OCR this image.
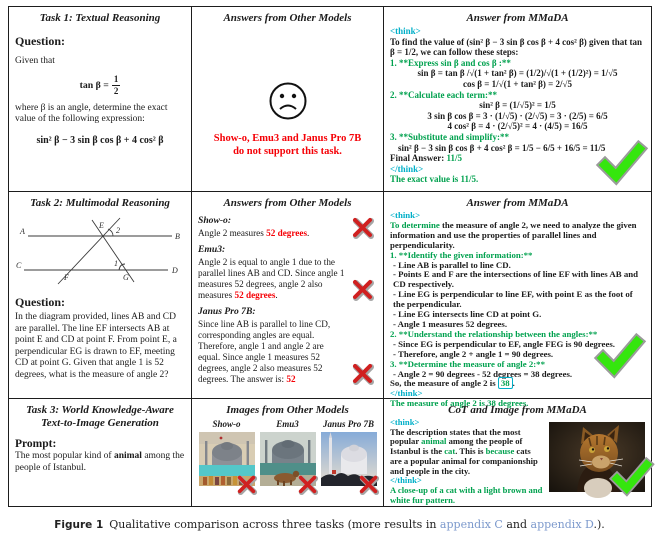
Task 1: Textual Reasoning
Question:
Given that
$\tan \beta = \frac{1}{2}$
where β is an angle, determine the exact value of the following expression:
sin² β − 3 sin β cos β + 4 cos² β
Answers from Other Models
Show-o, Emu3 and Janus Pro 7B
do not support this task.
Answer from MMaDA
<think>
To find the value of (sin² β − 3 sin β cos β + 4 cos² β) given that tan β = 1/2, we can follow these steps:
1. **Express sin β and cos β :**
sin β = tan β /√(1 + tan² β) = (1/2)/√(1 + (1/2)²) = 1/√5
cos β = 1/√(1 + tan² β) = 2/√5
2. **Calculate each term:**
sin² β = (1/√5)² = 1/5
3 sin β cos β = 3 · (1/√5) · (2/√5) = 3 · (2/5) = 6/5
4 cos² β = 4 · (2/√5)² = 4 · (4/5) = 16/5
3. **Substitute and simplify:**
sin² β − 3 sin β cos β + 4 cos² β = 1/5 − 6/5 + 16/5 = 11/5
Final Answer: 11/5
</think>
The exact value is 11/5.
Task 2: Multimodal Reasoning
A
B
C
D
E
F	G
1
2
Question:
In the diagram provided, lines AB and CD are parallel. The line EF intersects AB at point E and CD at point F. From point E, a perpendicular EG is drawn to EF, meeting CD at point G. Given that angle 1 is 52 degrees, what is the measure of angle 2?
Answers from Other Models
Show-o:
Angle 2 measures 52 degrees.
Emu3:
Angle 2 is equal to angle 1 due to the parallel lines AB and CD. Since angle 1 measures 52 degrees, angle 2 also measures 52 degrees.
Janus Pro 7B:
Since line AB is parallel to line CD, corresponding angles are equal. Therefore, angle 1 and angle 2 are equal. Since angle 1 measures 52 degrees, angle 2 also measures 52 degrees. The answer is: 52
Answer from MMaDA
<think>
To determine the measure of angle 2, we need to analyze the given information and use the properties of parallel lines and perpendicularity.
1. **Identify the given information:**
- Line AB is parallel to line CD.
- Points E and F are the intersections of line EF with lines AB and CD respectively.
- Line EG is perpendicular to line EF, with point E as the foot of the perpendicular.
- Line EG intersects line CD at point G.
- Angle 1 measures 52 degrees.
2. **Understand the relationship between the angles:**
- Since EG is perpendicular to EF, angle FEG is 90 degrees.
- Therefore, angle 2 + angle 1 = 90 degrees.
3. **Determine the measure of angle 2:**
- Angle 2 = 90 degrees - 52 degrees = 38 degrees.
So, the measure of angle 2 is 38 .
</think>
The measure of angle 2 is 38 degrees.
Task 3: World Knowledge-Aware Text-to-Image Generation
Prompt:
The most popular kind of animal among the people of Istanbul.
Images from Other Models
Show-o	Emu3	Janus Pro 7B
CoT and Image from MMaDA
<think>
The description states that the most popular animal among the people of Istanbul is the cat. This is because cats are a popular animal for companionship and people in the city.
</think>
A close-up of a cat with a light brown and white fur pattern.
Figure 1 Qualitative comparison across three tasks (more results in appendix C and appendix D.).
